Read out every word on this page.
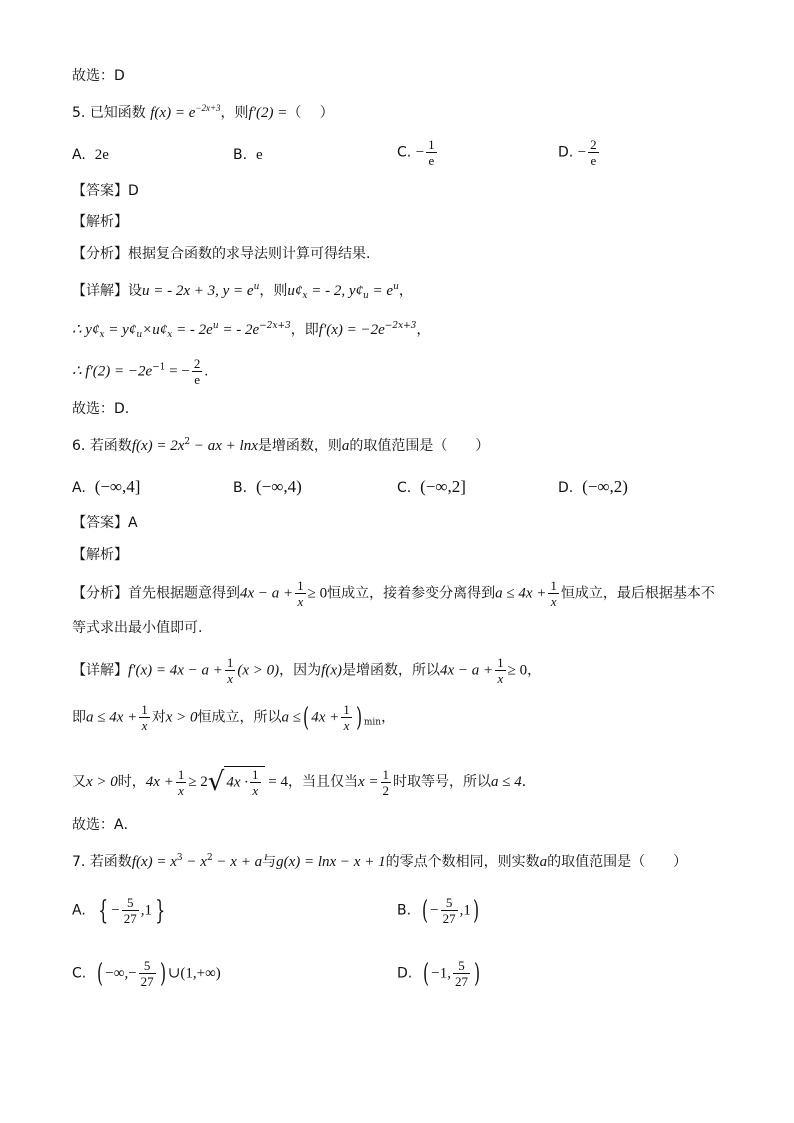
故选：D
5. 已知函数 $f(x) = e^{-2x+3}$，则f′(2) =（　 ）
A. 2e	B. e	C. − $\frac{1}{e}$	D. − $\frac{2}{e}$
【答案】D
【解析】
【分析】根据复合函数的求导法则计算可得结果.
【详解】设u = - 2x + 3, $y = e^u$，则$u¢_x$ = - 2, $y¢_u = e^u$，
∴ $y¢_x$ = $y¢_u\times u¢_x$ = - $2e^u$ = - $2e^{-2x+3}$，即$f'(x) = -2e^{-2x+3}$，
∴ $f'(2) = -2e^{-1}$ = − $\frac{2}{e}$ .
故选：D.
6. 若函数$f(x) = 2x^2$ − ax + lnx是增函数，则a的取值范围是（　　）
A. (−∞,4]	B. (−∞,4)	C. (−∞,2]	D. (−∞,2)
【答案】A
【解析】
【分析】首先根据题意得到$4x - a + \frac{1}{x} \ge 0$恒成立，接着参变分离得到$a \le 4x + \frac{1}{x}$ 恒成立，最后根据基本不
等式求出最小值即可.
【详解】$f'(x) = 4x - a + \frac{1}{x} (x > 0)$，因为f(x)是增函数，所以$4x - a + \frac{1}{x} \ge 0$，
即$a \le 4x + \frac{1}{x}$ 对x > 0恒成立，所以a ≤( $4x + \frac{1}{x}$ ) $_{min}$，
又x > 0时，$4x + \frac{1}{x} \ge 2√$ $4x \cdot \frac{1}{x} = 4$，当且仅当$x = \frac{1}{2}$ 时取等号，所以a ≤ 4．
故选：A．
7. 若函数$f(x) = x^3 - x^2 - x + a$与g(x) = lnx − x + 1的零点个数相同，则实数a的取值范围是（　　）
A. { − $\frac{5}{27} ,1$ }	B. ( − $\frac{5}{27} ,1$)
C. ( −∞,− $\frac{5}{27}$ ) ∪(1,+∞)	D. ( −1, $\frac{5}{27}$ )
